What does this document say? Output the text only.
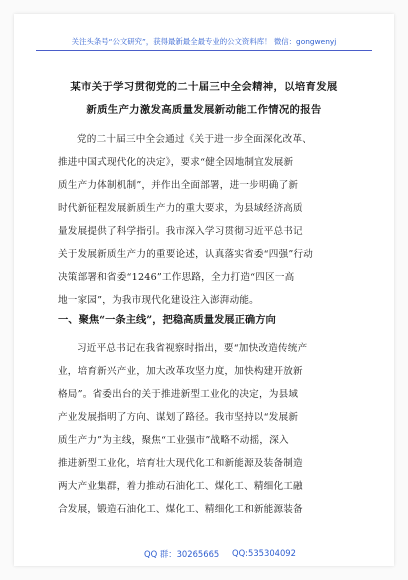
关注头条号“公文研究”，获得最新最全最专业的公文资料库！ 微信：gongwenyj
某市关于学习贯彻党的二十届三中全会精神，以培育发展
新质生产力激发高质量发展新动能工作情况的报告
党的二十届三中全会通过《关于进一步全面深化改革、
推进中国式现代化的决定》，要求“健全因地制宜发展新
质生产力体制机制”，并作出全面部署，进一步明确了新
时代新征程发展新质生产力的重大要求，为县域经济高质
量发展提供了科学指引。我市深入学习贯彻习近平总书记
关于发展新质生产力的重要论述，认真落实省委“四强”行动
决策部署和省委“1246”工作思路，全力打造“四区一高
地一家园”，为我市现代化建设注入澎湃动能。
一、聚焦“一条主线”，把稳高质量发展正确方向
习近平总书记在我省视察时指出，要“加快改造传统产
业，培育新兴产业，加大改革攻坚力度，加快构建开放新
格局”。省委出台的关于推进新型工业化的决定，为县域
产业发展指明了方向、谋划了路径。我市坚持以“发展新
质生产力”为主线，聚焦“工业强市”战略不动摇，深入
推进新型工业化，培育壮大现代化工和新能源及装备制造
两大产业集群，着力推动石油化工、煤化工、精细化工融
合发展，锻造石油化工、煤化工、精细化工和新能源装备
QQ 群：30265665 QQ:535304092
